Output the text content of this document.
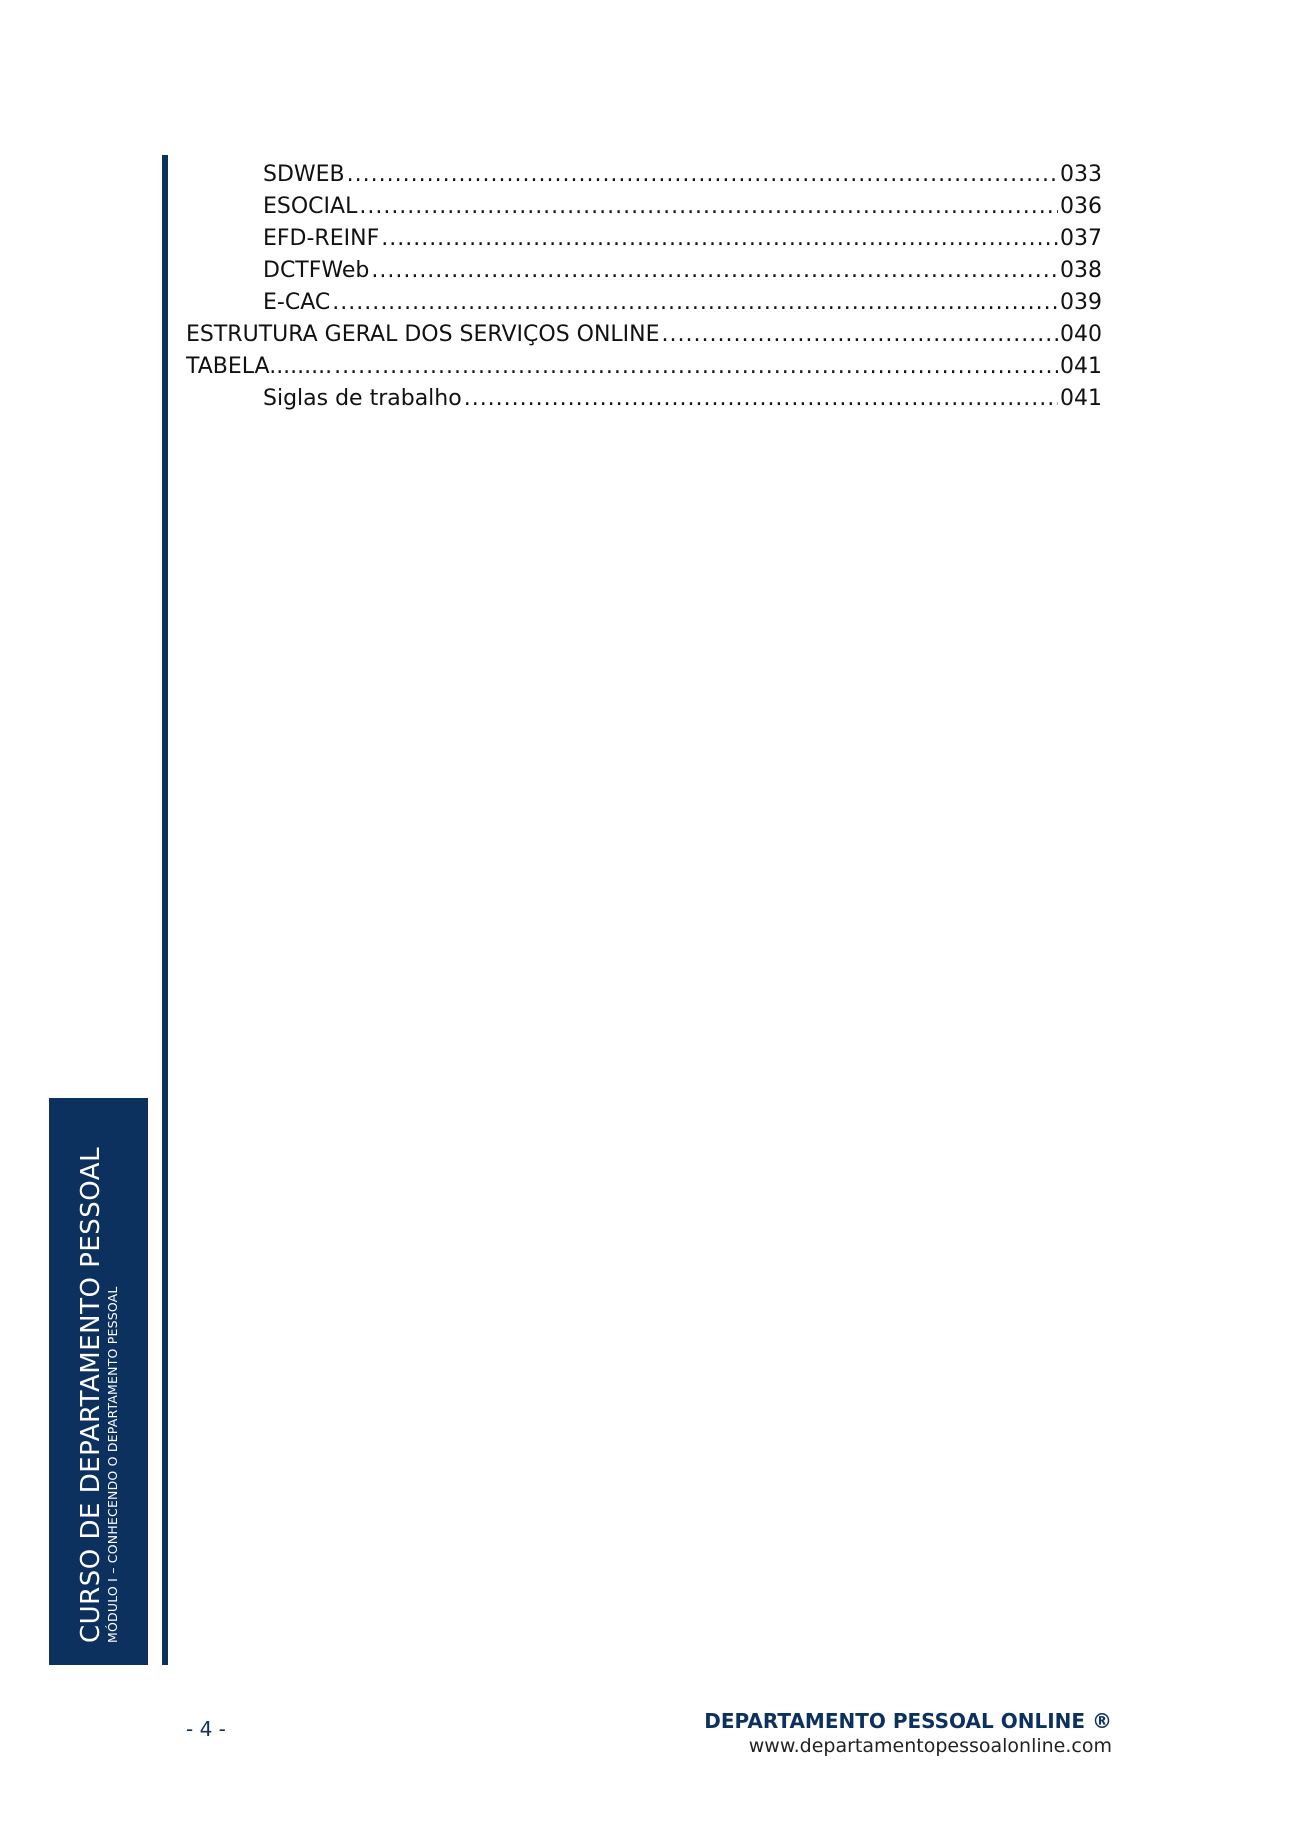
CURSO DE DEPARTAMENTO PESSOAL MÓDULO I – CONHECENDO O DEPARTAMENTO PESSOAL
SDWEB .....	033
ESOCIAL .....	036
EFD-REINF .....	037
DCTFWeb .....	038
E-CAC .....	039
ESTRUTURA GERAL DOS SERVIÇOS ONLINE .....	040
TABELA......... .....	041
Siglas de trabalho .....	041
- 4 -	DEPARTAMENTO PESSOAL ONLINE ®
www.departamentopessoalonline.com
